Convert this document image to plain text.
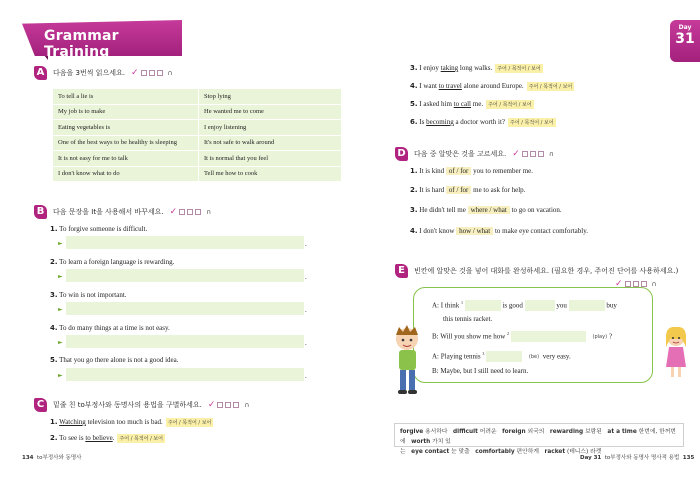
Grammar Training
Day
31
A	다음을 3번씩 읽으세요. ✓	∩
To tell a lie is	Stop lying
My job is to make	He wanted me to come
Eating vegetables is	I enjoy listening
One of the best ways to be healthy is sleeping	It's not safe to walk around
It is not easy for me to talk	It is normal that you feel
I don't know what to do	Tell me how to cook
B	다음 문장을 It을 사용해서 바꾸세요. ✓	∩
1. To forgive someone is difficult.
►	.
2. To learn a foreign language is rewarding.
►	.
3. To win is not important.
►	.
4. To do many things at a time is not easy.
►	.
5. That you go there alone is not a good idea.
►	.
C	밑줄 친 to부정사와 동명사의 용법을 구별하세요. ✓	∩
1. Watching television too much is bad. 주어 / 목적어 / 보어
2. To see is to believe. 주어 / 목적어 / 보어
3. I enjoy taking long walks. 주어 / 목적어 / 보어
4. I want to travel alone around Europe. 주어 / 목적어 / 보어
5. I asked him to call me. 주어 / 목적어 / 보어
6. Is becoming a doctor worth it? 주어 / 목적어 / 보어
D	다음 중 알맞은 것을 고르세요. ✓	∩
1. It is kind of / for you to remember me.
2. It is hard of / for me to ask for help.
3. He didn't tell me where / what to go on vacation.
4. I don't know how / what to make eye contact comfortably.
E	빈칸에 알맞은 것을 넣어 대화를 완성하세요. (필요한 경우, 주어진 단어를 사용하세요.)
✓	∩
A: I think $^1$	is good	you	buy
this tennis racket.
B: Will you show me how $^2$  (play) ?
A: Playing tennis $^3$  (be) very easy.
B: Maybe, but I still need to learn.
forgive 용서하다 difficult 어려운 foreign 외국의 rewarding 보람된 at a time 한번에, 한꺼번에 worth 가치 있
는 eye contact 눈 맞춤 comfortably 편안하게 racket (테니스) 라켓
134 to부정사와 동명사	Day 31 to부정사와 동명사 명사적 용법 135
